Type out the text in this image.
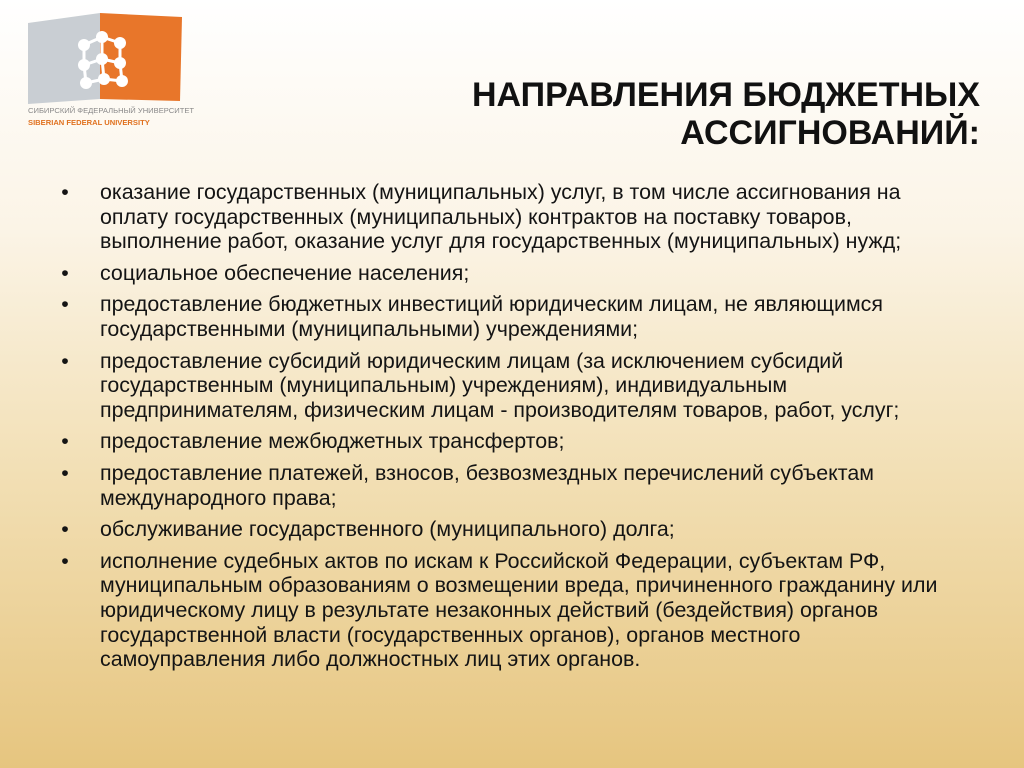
СИБИРСКИЙ ФЕДЕРАЛЬНЫЙ УНИВЕРСИТЕТ
SIBERIAN FEDERAL UNIVERSITY
НАПРАВЛЕНИЯ БЮДЖЕТНЫХ
АССИГНОВАНИЙ:
• оказание государственных (муниципальных) услуг, в том числе ассигнования на оплату государственных (муниципальных) контрактов на поставку товаров, выполнение работ, оказание услуг для государственных (муниципальных) нужд;
• социальное обеспечение населения;
• предоставление бюджетных инвестиций юридическим лицам, не являющимся государственными (муниципальными) учреждениями;
• предоставление субсидий юридическим лицам (за исключением субсидий государственным (муниципальным) учреждениям), индивидуальным предпринимателям, физическим лицам - производителям товаров, работ, услуг;
• предоставление межбюджетных трансфертов;
• предоставление платежей, взносов, безвозмездных перечислений субъектам международного права;
• обслуживание государственного (муниципального) долга;
• исполнение судебных актов по искам к Российской Федерации, субъектам РФ, муниципальным образованиям о возмещении вреда, причиненного гражданину или юридическому лицу в результате незаконных действий (бездействия) органов государственной власти (государственных органов), органов местного самоуправления либо должностных лиц этих органов.
